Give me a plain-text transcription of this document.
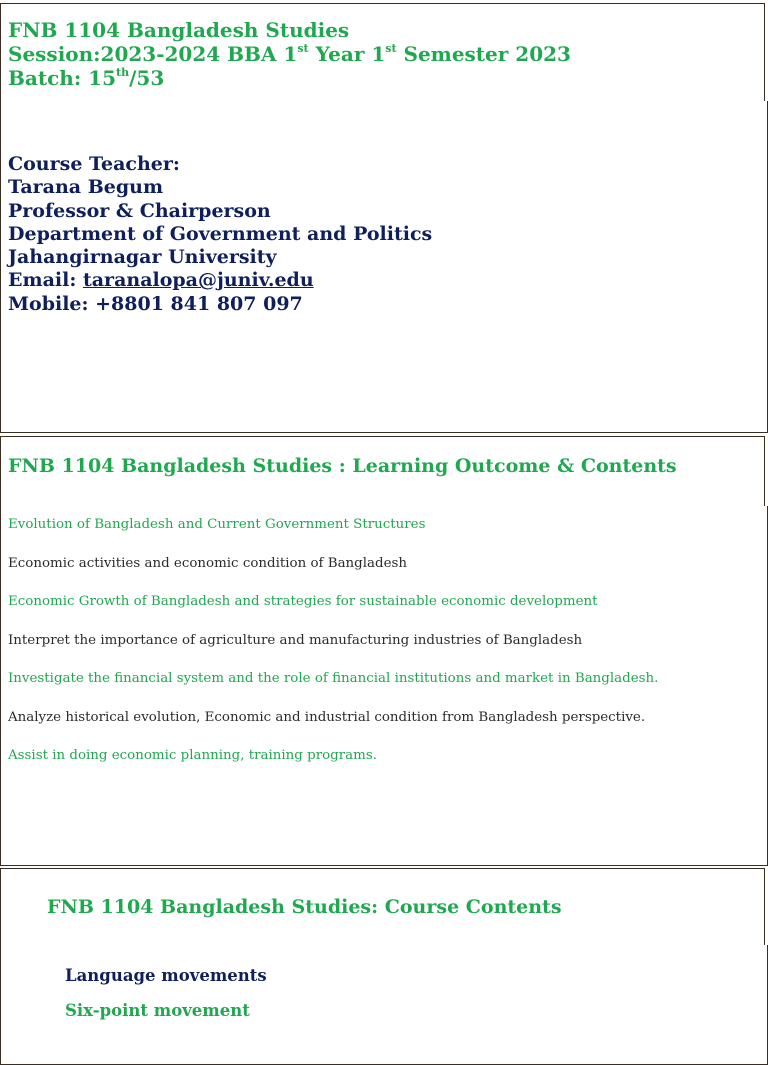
FNB 1104 Bangladesh Studies
Session:2023-2024 BBA 1st Year 1st Semester 2023
Batch: 15th/53
Course Teacher:
Tarana Begum
Professor & Chairperson
Department of Government and Politics
Jahangirnagar University
Email: taranalopa@juniv.edu
Mobile: +8801 841 807 097
FNB 1104 Bangladesh Studies : Learning Outcome & Contents
Evolution of Bangladesh and Current Government Structures
Economic activities and economic condition of Bangladesh
Economic Growth of Bangladesh and strategies for sustainable economic development
Interpret the importance of agriculture and manufacturing industries of Bangladesh
Investigate the financial system and the role of financial institutions and market in Bangladesh.
Analyze historical evolution, Economic and industrial condition from Bangladesh perspective.
Assist in doing economic planning, training programs.
FNB 1104 Bangladesh Studies: Course Contents
Language movements
Six-point movement
